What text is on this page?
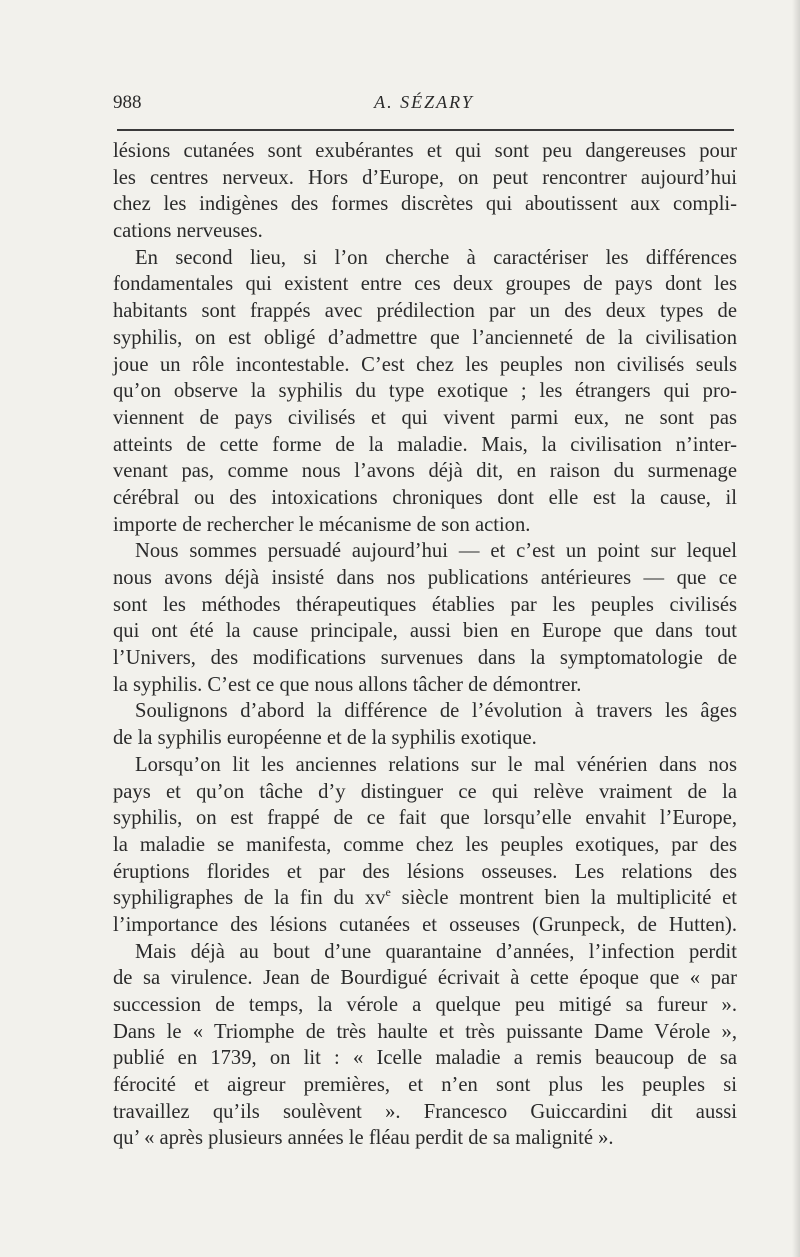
988	A. SÉZARY
lésions cutanées sont exubérantes et qui sont peu dangereuses pour
les centres nerveux. Hors d’Europe, on peut rencontrer aujourd’hui
chez les indigènes des formes discrètes qui aboutissent aux compli-
cations nerveuses.
En second lieu, si l’on cherche à caractériser les différences
fondamentales qui existent entre ces deux groupes de pays dont les
habitants sont frappés avec prédilection par un des deux types de
syphilis, on est obligé d’admettre que l’ancienneté de la civilisation
joue un rôle incontestable. C’est chez les peuples non civilisés seuls
qu’on observe la syphilis du type exotique ; les étrangers qui pro-
viennent de pays civilisés et qui vivent parmi eux, ne sont pas
atteints de cette forme de la maladie. Mais, la civilisation n’inter-
venant pas, comme nous l’avons déjà dit, en raison du surmenage
cérébral ou des intoxications chroniques dont elle est la cause, il
importe de rechercher le mécanisme de son action.
Nous sommes persuadé aujourd’hui — et c’est un point sur lequel
nous avons déjà insisté dans nos publications antérieures — que ce
sont les méthodes thérapeutiques établies par les peuples civilisés
qui ont été la cause principale, aussi bien en Europe que dans tout
l’Univers, des modifications survenues dans la symptomatologie de
la syphilis. C’est ce que nous allons tâcher de démontrer.
Soulignons d’abord la différence de l’évolution à travers les âges
de la syphilis européenne et de la syphilis exotique.
Lorsqu’on lit les anciennes relations sur le mal vénérien dans nos
pays et qu’on tâche d’y distinguer ce qui relève vraiment de la
syphilis, on est frappé de ce fait que lorsqu’elle envahit l’Europe,
la maladie se manifesta, comme chez les peuples exotiques, par des
éruptions florides et par des lésions osseuses. Les relations des
syphiligraphes de la fin du $xv^e$ siècle montrent bien la multiplicité et
l’importance des lésions cutanées et osseuses (Grunpeck, de Hutten).
Mais déjà au bout d’une quarantaine d’années, l’infection perdit
de sa virulence. Jean de Bourdigué écrivait à cette époque que « par
succession de temps, la vérole a quelque peu mitigé sa fureur ».
Dans le « Triomphe de très haulte et très puissante Dame Vérole »,
publié en 1739, on lit : « Icelle maladie a remis beaucoup de sa
férocité et aigreur premières, et n’en sont plus les peuples si
travaillez qu’ils soulèvent ». Francesco Guiccardini dit aussi
qu’ « après plusieurs années le fléau perdit de sa malignité ».
